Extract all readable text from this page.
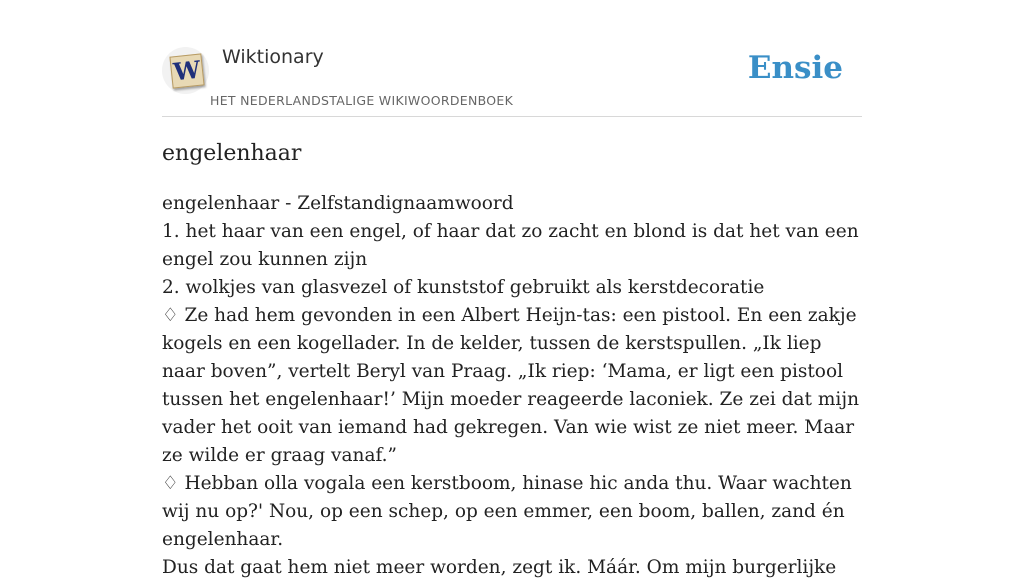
W Wiktionary
HET NEDERLANDSTALIGE WIKIWOORDENBOEK
Ensie
engelenhaar

engelenhaar - Zelfstandignaamwoord

1. het haar van een engel, of haar dat zo zacht en blond is dat het van een engel zou kunnen zijn

2. wolkjes van glasvezel of kunststof gebruikt als kerstdecoratie

♢ Ze had hem gevonden in een Albert Heijn-tas: een pistool. En een zakje kogels en een kogellader. In de kelder, tussen de kerstspullen. „Ik liep naar boven”, vertelt Beryl van Praag. „Ik riep: ‘Mama, er ligt een pistool tussen het engelenhaar!’ Mijn moeder reageerde laconiek. Ze zei dat mijn vader het ooit van iemand had gekregen. Van wie wist ze niet meer. Maar ze wilde er graag vanaf.”

♢ Hebban olla vogala een kerstboom, hinase hic anda thu. Waar wachten wij nu op?' Nou, op een schep, op een emmer, een boom, ballen, zand én engelenhaar.

Dus dat gaat hem niet meer worden, zegt ik. Máár. Om mijn burgerlijke
